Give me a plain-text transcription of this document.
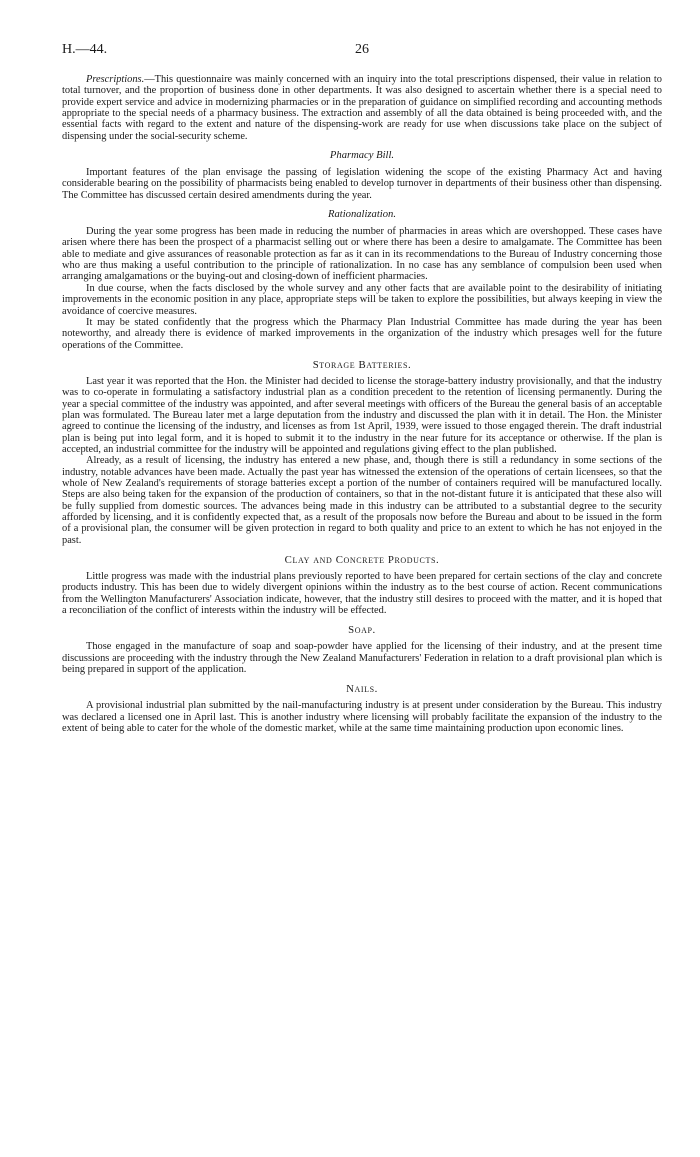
H.—44.	26

Prescriptions.—This questionnaire was mainly concerned with an inquiry into the total prescriptions dispensed, their value in relation to total turnover, and the proportion of business done in other departments. It was also designed to ascertain whether there is a special need to provide expert service and advice in modernizing pharmacies or in the preparation of guidance on simplified recording and accounting methods appropriate to the special needs of a pharmacy business. The extraction and assembly of all the data obtained is being proceeded with, and the essential facts with regard to the extent and nature of the dispensing-work are ready for use when discussions take place on the subject of dispensing under the social-security scheme.

Pharmacy Bill.

Important features of the plan envisage the passing of legislation widening the scope of the existing Pharmacy Act and having considerable bearing on the possibility of pharmacists being enabled to develop turnover in departments of their business other than dispensing. The Committee has discussed certain desired amendments during the year.

Rationalization.

During the year some progress has been made in reducing the number of pharmacies in areas which are overshopped. These cases have arisen where there has been the prospect of a pharmacist selling out or where there has been a desire to amalgamate. The Committee has been able to mediate and give assurances of reasonable protection as far as it can in its recommendations to the Bureau of Industry concerning those who are thus making a useful contribution to the principle of rationalization. In no case has any semblance of compulsion been used when arranging amalgamations or the buying-out and closing-down of inefficient pharmacies.

In due course, when the facts disclosed by the whole survey and any other facts that are available point to the desirability of initiating improvements in the economic position in any place, appropriate steps will be taken to explore the possibilities, but always keeping in view the avoidance of coercive measures.

It may be stated confidently that the progress which the Pharmacy Plan Industrial Committee has made during the year has been noteworthy, and already there is evidence of marked improvements in the organization of the industry which presages well for the future operations of the Committee.

Storage Batteries.

Last year it was reported that the Hon. the Minister had decided to license the storage-battery industry provisionally, and that the industry was to co-operate in formulating a satisfactory industrial plan as a condition precedent to the retention of licensing permanently. During the year a special committee of the industry was appointed, and after several meetings with officers of the Bureau the general basis of an acceptable plan was formulated. The Bureau later met a large deputation from the industry and discussed the plan with it in detail. The Hon. the Minister agreed to continue the licensing of the industry, and licenses as from 1st April, 1939, were issued to those engaged therein. The draft industrial plan is being put into legal form, and it is hoped to submit it to the industry in the near future for its acceptance or otherwise. If the plan is accepted, an industrial committee for the industry will be appointed and regulations giving effect to the plan published.

Already, as a result of licensing, the industry has entered a new phase, and, though there is still a redundancy in some sections of the industry, notable advances have been made. Actually the past year has witnessed the extension of the operations of certain licensees, so that the whole of New Zealand's requirements of storage batteries except a portion of the number of containers required will be manufactured locally. Steps are also being taken for the expansion of the production of containers, so that in the not-distant future it is anticipated that these also will be fully supplied from domestic sources. The advances being made in this industry can be attributed to a substantial degree to the security afforded by licensing, and it is confidently expected that, as a result of the proposals now before the Bureau and about to be issued in the form of a provisional plan, the consumer will be given protection in regard to both quality and price to an extent to which he has not enjoyed in the past.

Clay and Concrete Products.

Little progress was made with the industrial plans previously reported to have been prepared for certain sections of the clay and concrete products industry. This has been due to widely divergent opinions within the industry as to the best course of action. Recent communications from the Wellington Manufacturers' Association indicate, however, that the industry still desires to proceed with the matter, and it is hoped that a reconciliation of the conflict of interests within the industry will be effected.

Soap.

Those engaged in the manufacture of soap and soap-powder have applied for the licensing of their industry, and at the present time discussions are proceeding with the industry through the New Zealand Manufacturers' Federation in relation to a draft provisional plan which is being prepared in support of the application.

Nails.

A provisional industrial plan submitted by the nail-manufacturing industry is at present under consideration by the Bureau. This industry was declared a licensed one in April last. This is another industry where licensing will probably facilitate the expansion of the industry to the extent of being able to cater for the whole of the domestic market, while at the same time maintaining production upon economic lines.
